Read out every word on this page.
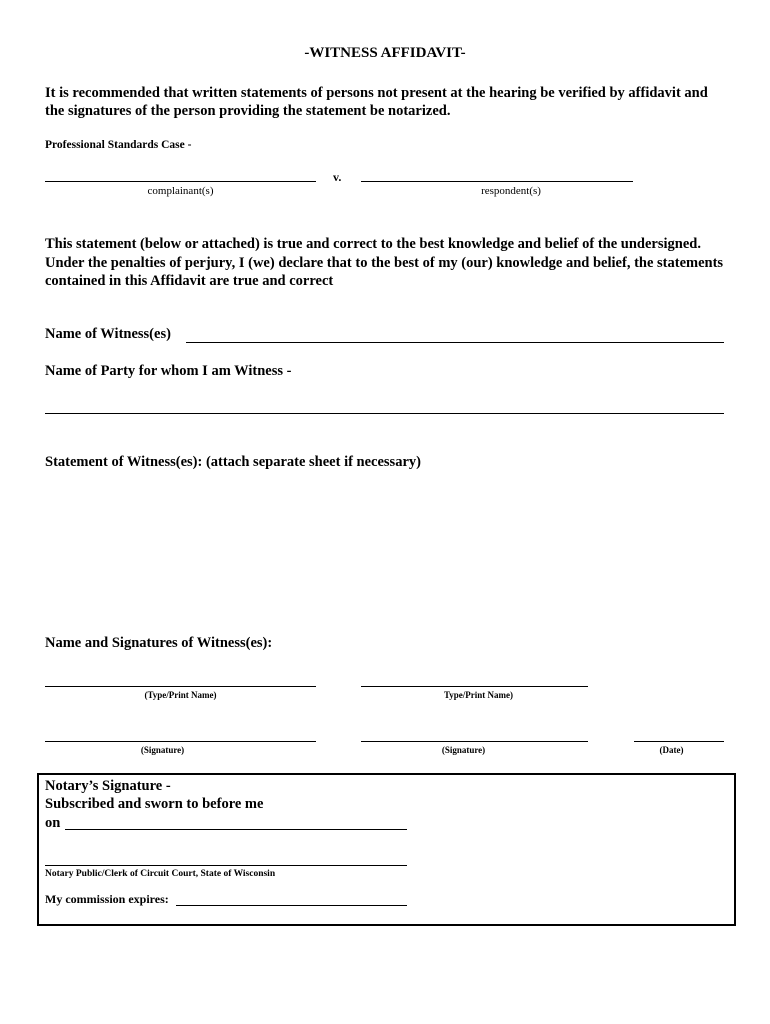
-WITNESS AFFIDAVIT-
It is recommended that written statements of persons not present at the hearing be verified by affidavit and the signatures of the person providing the statement be notarized.
Professional Standards Case -
v.
complainant(s)	respondent(s)
This statement (below or attached) is true and correct to the best knowledge and belief of the undersigned. Under the penalties of perjury, I (we) declare that to the best of my (our) knowledge and belief, the statements contained in this Affidavit are true and correct
Name of Witness(es)
Name of Party for whom I am Witness -
Statement of Witness(es): (attach separate sheet if necessary)
Name and Signatures of Witness(es):
(Type/Print Name)	Type/Print Name)
(Signature)	(Signature)	(Date)
Notary’s Signature -
Subscribed and sworn to before me
on
Notary Public/Clerk of Circuit Court, State of Wisconsin
My commission expires:
